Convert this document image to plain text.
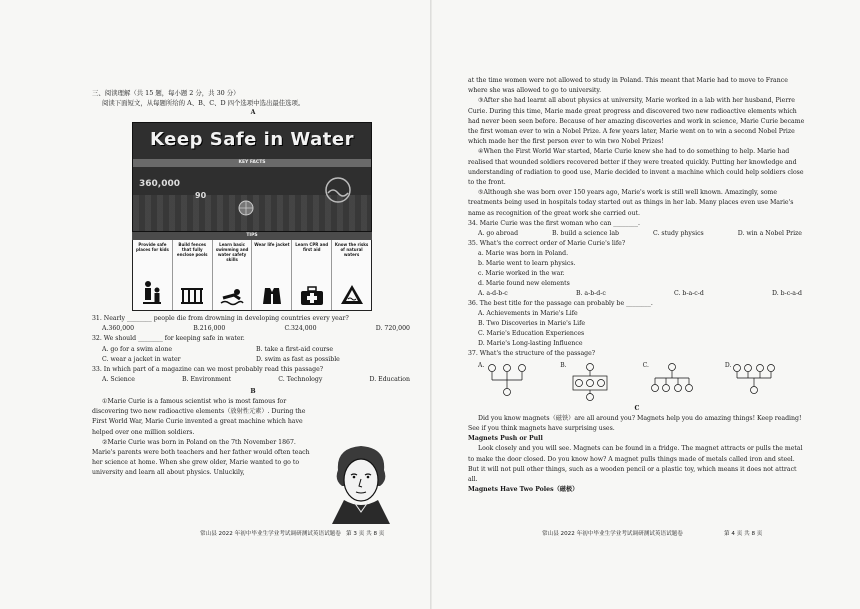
三、阅读理解（共 15 题，每小题 2 分，共 30 分）

阅读下面短文，从每题所给的 A、B、C、D 四个选项中选出最佳选项。

A

Keep Safe in Water
KEY FACTS
360,000
90
TIPS
Provide safe places for kids
Build fences that fully enclose pools
Learn basic swimming and water safety skills
Wear life jacket	Learn CPR and first aid
Know the risks of natural waters

31. Nearly ________ people die from drowning in developing countries every year?

A.360,000	B.216,000	C.324,000	D. 720,000

32. We should ________ for keeping safe in water.

A. go for a swim alone	B. take a first-aid course
C. wear a jacket in water	D. swim as fast as possible

33. In which part of a magazine can we most probably read this passage?

A. Science	B. Environment	C. Technology	D. Education

B

①Marie Curie is a famous scientist who is most famous for discovering two new radioactive elements（放射性元素）. During the First World War, Marie Curie invented a great machine which have helped over one million soldiers.

②Marie Curie was born in Poland on the 7th November 1867. Marie's parents were both teachers and her father would often teach her science at home. When she grew older, Marie wanted to go to university and learn all about physics. Unluckily,

常山县 2022 年初中毕业生学业考试调研测试英语试题卷 第 3 页 共 8 页

at the time women were not allowed to study in Poland. This meant that Marie had to move to France where she was allowed to go to university.

③After she had learnt all about physics at university, Marie worked in a lab with her husband, Pierre Curie. During this time, Marie made great progress and discovered two new radioactive elements which had never been seen before. Because of her amazing discoveries and work in science, Marie Curie became the first woman ever to win a Nobel Prize. A few years later, Marie went on to win a second Nobel Prize which made her the first person ever to win two Nobel Prizes!

④When the First World War started, Marie Curie knew she had to do something to help. Marie had realised that wounded soldiers recovered better if they were treated quickly. Putting her knowledge and understanding of radiation to good use, Marie decided to invent a machine which could help soldiers close to the front.

⑤Although she was born over 150 years ago, Marie's work is still well known. Amazingly, some treatments being used in hospitals today started out as things in her lab. Many places even use Marie's name as recognition of the great work she carried out.

34. Marie Curie was the first woman who can ________.

A. go abroad	B. build a science lab	C. study physics	D. win a Nobel Prize

35. What's the correct order of Marie Curie's life?

a. Marie was born in Poland.
b. Marie went to learn physics.
c. Marie worked in the war.
d. Marie found new elements
A. a-d-b-c	B. a-b-d-c	C. b-a-c-d	D. b-c-a-d

36. The best title for the passage can probably be ________.

A. Achievements in Marie's Life
B. Two Discoveries in Marie's Life
C. Marie's Education Experiences
D. Marie's Long-lasting Influence

37. What's the structure of the passage?

A.	B.	C.	D.

C

Did you know magnets（磁铁）are all around you? Magnets help you do amazing things! Keep reading! See if you think magnets have surprising uses.

Magnets Push or Pull

Look closely and you will see. Magnets can be found in a fridge. The magnet attracts or pulls the metal to make the door closed. Do you know how? A magnet pulls things made of metals called iron and steel. But it will not pull other things, such as a wooden pencil or a plastic toy, which means it does not attract all.

Magnets Have Two Poles（磁极）

常山县 2022 年初中毕业生学业考试调研测试英语试题卷	第 4 页 共 8 页
